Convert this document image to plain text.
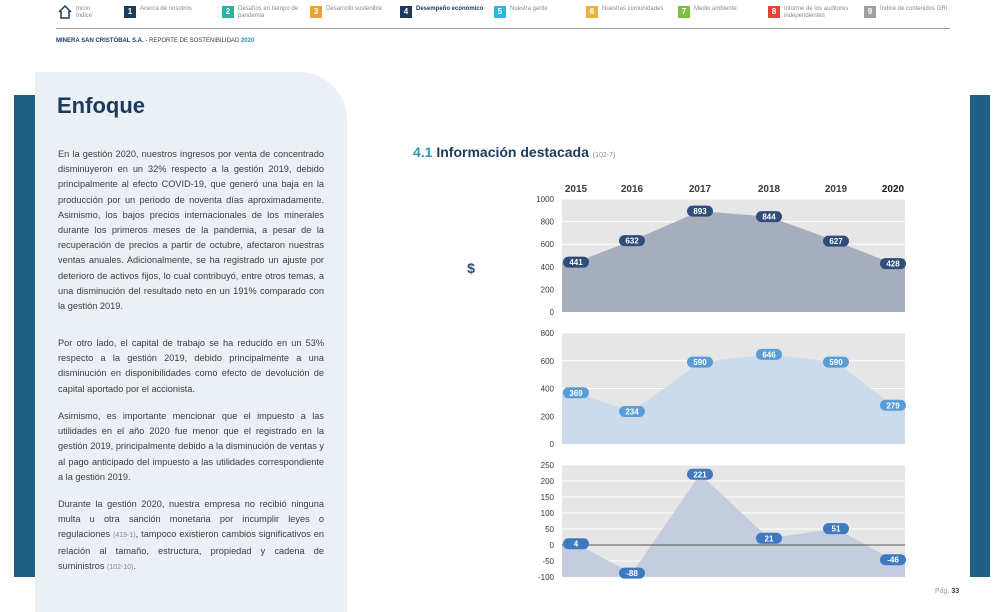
Inicio
Índice	1	Acerca de nosotros	2	Desafíos en tiempo de pandemia	3	Desarrollo sostenible	4	Desempeño económico	5	Nuestra gente	6	Nuestras comunidades	7	Medio ambiente	8	Informe de los auditores independientes	9	Índice de contenidos GRI
MINERA SAN CRISTÓBAL S.A. - REPORTE DE SOSTENIBILIDAD 2020
Enfoque

En la gestión 2020, nuestros ingresos por venta de concentrado disminuyeron en un 32% respecto a la gestión 2019, debido principalmente al efecto COVID-19, que generó una baja en la producción por un periodo de noventa días aproximadamente. Asimismo, los bajos precios internacionales de los minerales durante los primeros meses de la pandemia, a pesar de la recuperación de precios a partir de octubre, afectaron nuestras ventas anuales. Adicionalmente, se ha registrado un ajuste por deterioro de activos fijos, lo cual contribuyó, entre otros temas, a una disminución del resultado neto en un 191% comparado con la gestión 2019.

Por otro lado, el capital de trabajo se ha reducido en un 53% respecto a la gestión 2019, debido principalmente a una disminución en disponibilidades como efecto de devolución de capital aportado por el accionista.

Asimismo, es importante mencionar que el impuesto a las utilidades en el año 2020 fue menor que el registrado en la gestión 2019, principalmente debido a la disminución de ventas y al pago anticipado del impuesto a las utilidades correspondiente a la gestión 2019.

Durante la gestión 2020, nuestra empresa no recibió ninguna multa u otra sanción monetaria por incumplir leyes o regulaciones (419-1), tampoco existieron cambios significativos en relación al tamaño, estructura, propiedad y cadena de suministros (102-10).

4.1 Información destacada (102-7)
2015	2016	2017	2018	2019	2020
Ingresos
(millones de US$)
$
Capital de trabajo
(millones de US$)
$
Pérdida/ ganancia
(millones de US$)
$
0
200
400
600
800
1000
441
632
893
844
627
428
0
200
400
600
800
369
234
590
646
590
279
-100
-50
0
50
100
150
200
250
4
-88
221
21
51
-46
Pág. 33
